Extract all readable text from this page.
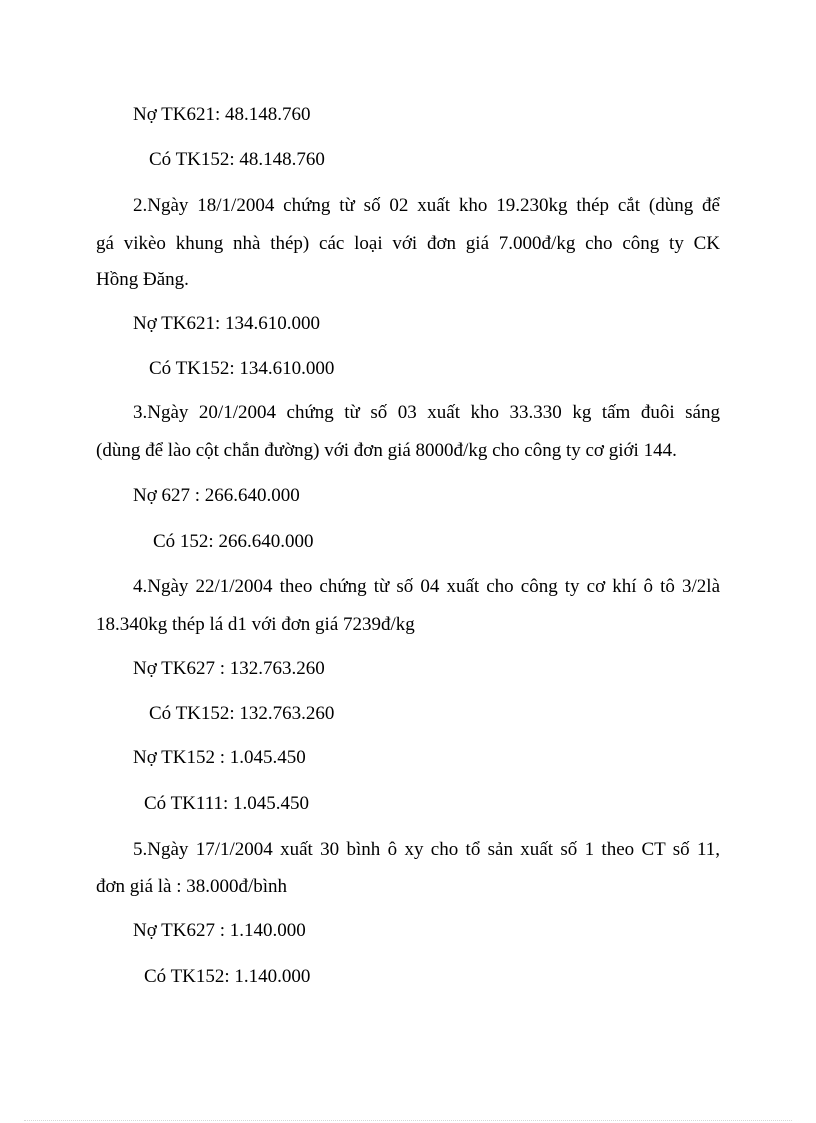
Nợ TK621: 48.148.760
Có TK152: 48.148.760
2.Ngày 18/1/2004 chứng từ số 02 xuất kho 19.230kg thép cắt (dùng để
gá vikèo khung nhà thép) các loại với đơn giá 7.000đ/kg cho công ty CK
Hồng Đăng.
Nợ TK621: 134.610.000
Có TK152: 134.610.000
3.Ngày 20/1/2004 chứng từ số 03 xuất kho 33.330 kg tấm đuôi sáng
(dùng để lào cột chắn đường) với đơn giá 8000đ/kg cho công ty cơ giới 144.
Nợ 627 : 266.640.000
Có 152: 266.640.000
4.Ngày 22/1/2004 theo chứng từ số 04 xuất cho công ty cơ khí ô tô 3/2là
18.340kg thép lá d1 với đơn giá 7239đ/kg
Nợ TK627 : 132.763.260
Có TK152: 132.763.260
Nợ TK152 : 1.045.450
Có TK111: 1.045.450
5.Ngày 17/1/2004 xuất 30 bình ô xy cho tổ sản xuất số 1 theo CT số 11,
đơn giá là : 38.000đ/bình
Nợ TK627 : 1.140.000
Có TK152: 1.140.000
